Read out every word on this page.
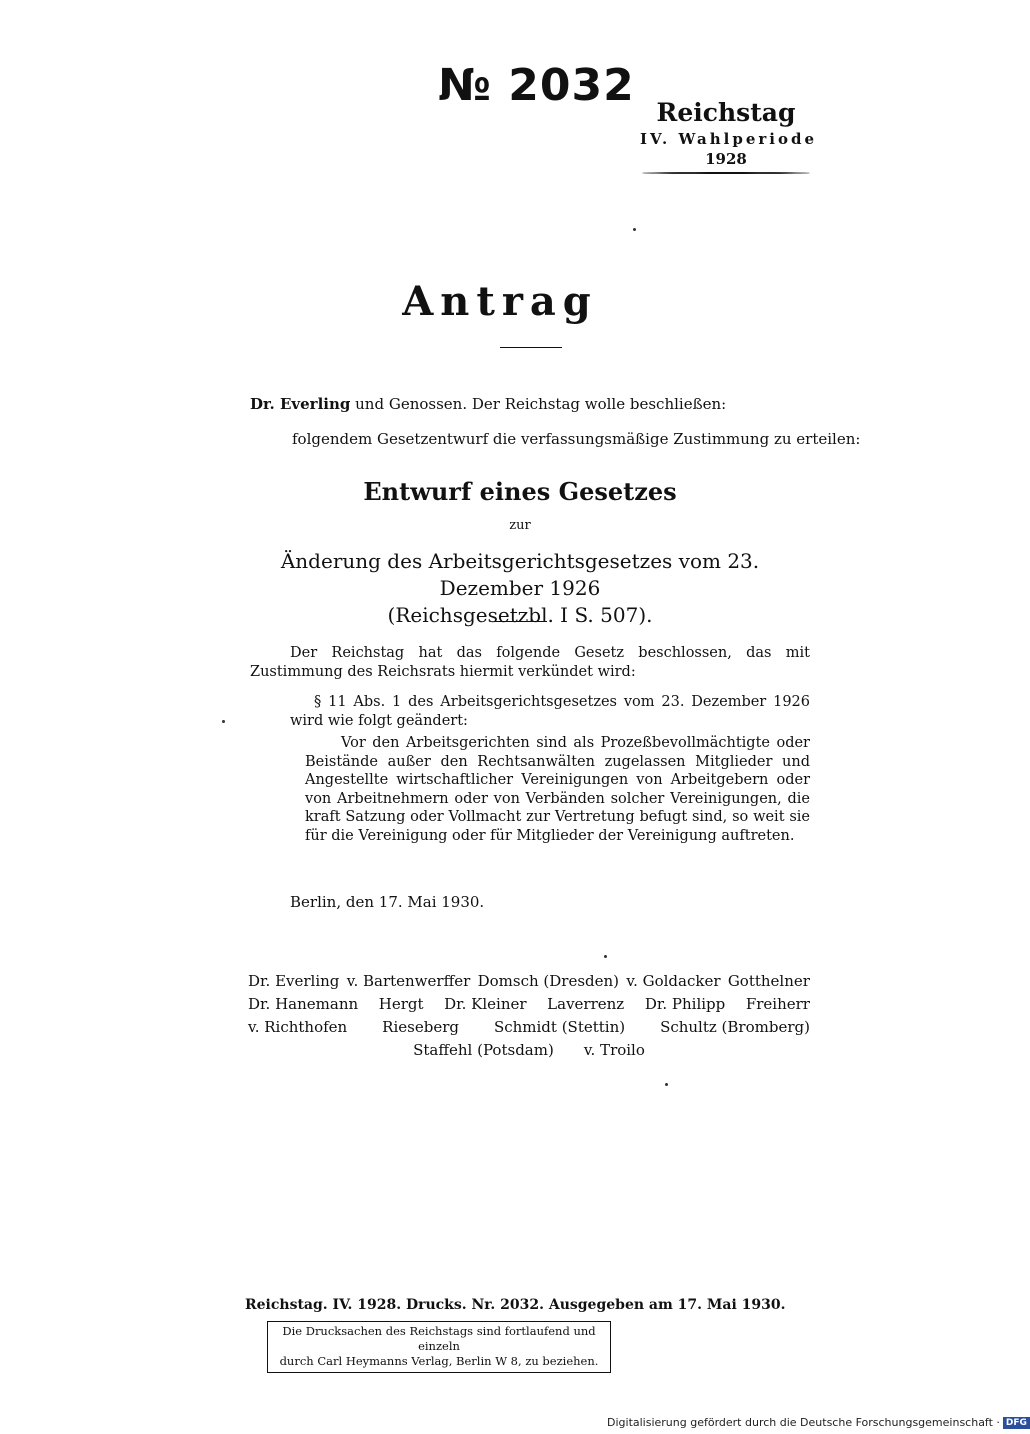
№ 2032
Reichstag
IV. Wahlperiode
1928
Antrag
Dr. Everling und Genossen. Der Reichstag wolle beschließen:
folgendem Gesetzentwurf die verfassungsmäßige Zustimmung zu erteilen:
Entwurf eines Gesetzes
zur
Änderung des Arbeitsgerichtsgesetzes vom 23. Dezember 1926
(Reichsgesetzbl. I S. 507).
Der Reichstag hat das folgende Gesetz beschlossen, das mit Zustimmung des Reichsrats hiermit verkündet wird:
§ 11 Abs. 1 des Arbeitsgerichtsgesetzes vom 23. Dezember 1926 wird wie folgt geändert:
Vor den Arbeitsgerichten sind als Prozeßbevollmächtigte oder Beistände außer den Rechtsanwälten zugelassen Mitglieder und Angestellte wirtschaftlicher Vereinigungen von Arbeitgebern oder von Arbeitnehmern oder von Verbänden solcher Vereinigungen, die kraft Satzung oder Vollmacht zur Vertretung befugt sind, so weit sie für die Vereinigung oder für Mitglieder der Vereinigung auftreten.
Berlin, den 17. Mai 1930.
Dr. Everling v. Bartenwerffer Domsch (Dresden) v. Goldacker Gotthelner
Dr. Hanemann Hergt Dr. Kleiner Laverrenz Dr. Philipp Freiherr
v. Richthofen Rieseberg Schmidt (Stettin) Schultz (Bromberg)
Staffehl (Potsdam) v. Troilo
Reichstag. IV. 1928. Drucks. Nr. 2032. Ausgegeben am 17. Mai 1930.
Die Drucksachen des Reichstags sind fortlaufend und einzeln
durch Carl Heymanns Verlag, Berlin W 8, zu beziehen.
Digitalisierung gefördert durch die Deutsche Forschungsgemeinschaft · DFG
